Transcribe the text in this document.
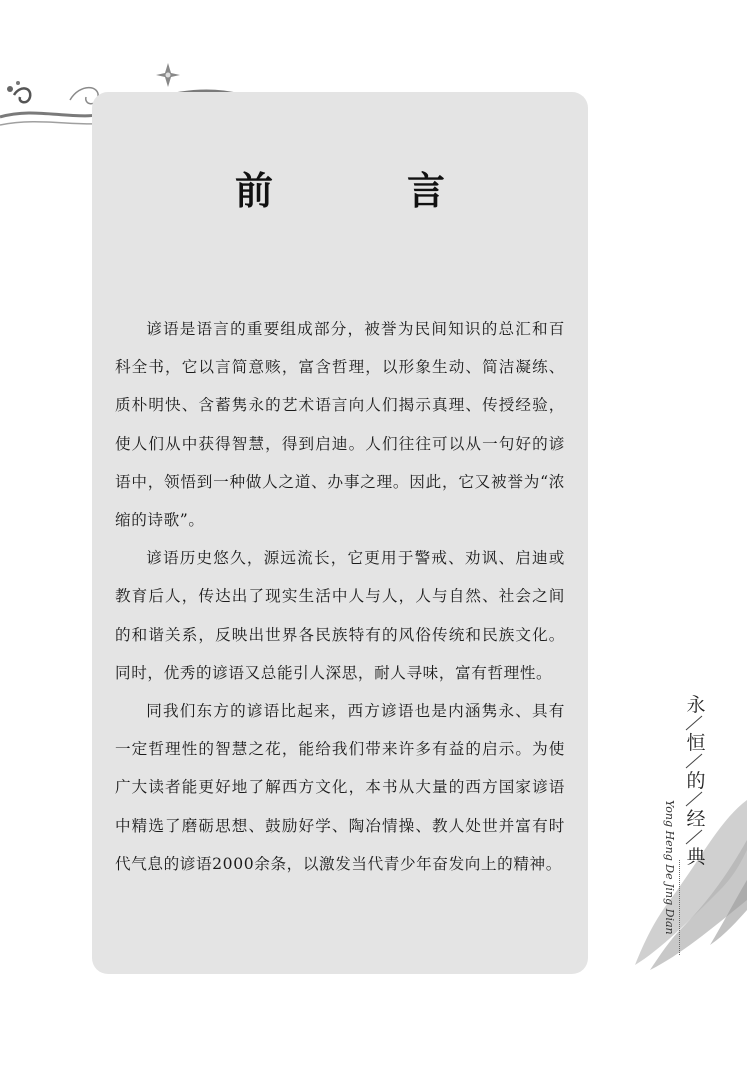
前　言

谚语是语言的重要组成部分，被誉为民间知识的总汇和百科全书，它以言简意赅，富含哲理，以形象生动、简洁凝练、质朴明快、含蓄隽永的艺术语言向人们揭示真理、传授经验，使人们从中获得智慧，得到启迪。人们往往可以从一句好的谚语中，领悟到一种做人之道、办事之理。因此，它又被誉为“浓缩的诗歌”。

谚语历史悠久，源远流长，它更用于警戒、劝讽、启迪或教育后人，传达出了现实生活中人与人，人与自然、社会之间的和谐关系，反映出世界各民族特有的风俗传统和民族文化。同时，优秀的谚语又总能引人深思，耐人寻味，富有哲理性。

同我们东方的谚语比起来，西方谚语也是内涵隽永、具有一定哲理性的智慧之花，能给我们带来许多有益的启示。为使广大读者能更好地了解西方文化，本书从大量的西方国家谚语中精选了磨砺思想、鼓励好学、陶冶情操、教人处世并富有时代气息的谚语2000余条，以激发当代青少年奋发向上的精神。	Yong Heng De Jing Dian
永
恒
的
经
典
